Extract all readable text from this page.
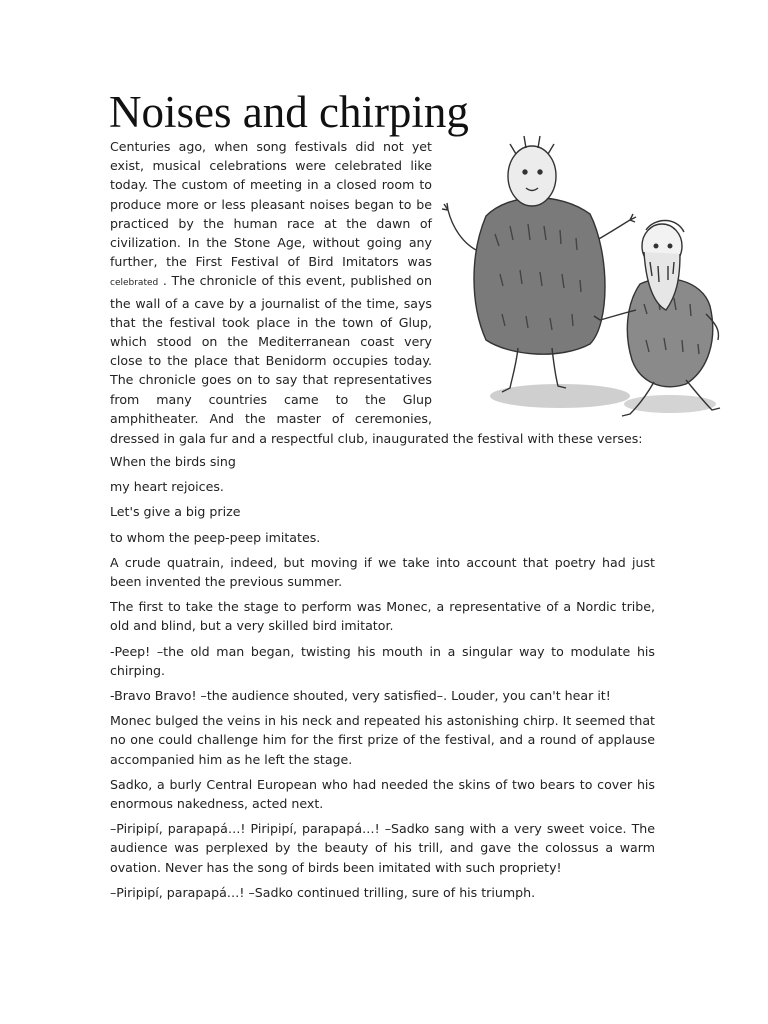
Noises and chirping

Centuries ago, when song festivals did not yet exist, musical celebrations were celebrated like today. The custom of meeting in a closed room to produce more or less pleasant noises began to be practiced by the human race at the dawn of civilization. In the Stone Age, without going any further, the First Festival of Bird Imitators was celebrated . The chronicle of this event, published on the wall of a cave by a journalist of the time, says that the festival took place in the town of Glup, which stood on the Mediterranean coast very close to the place that Benidorm occupies today. The chronicle goes on to say that representatives from many countries came to the Glup amphitheater. And the master of ceremonies,

dressed in gala fur and a respectful club, inaugurated the festival with these verses:

When the birds sing

my heart rejoices.

Let's give a big prize

to whom the peep-peep imitates.

A crude quatrain, indeed, but moving if we take into account that poetry had just been invented the previous summer.

The first to take the stage to perform was Monec, a representative of a Nordic tribe, old and blind, but a very skilled bird imitator.

-Peep! –the old man began, twisting his mouth in a singular way to modulate his chirping.

-Bravo Bravo! –the audience shouted, very satisfied–. Louder, you can't hear it!

Monec bulged the veins in his neck and repeated his astonishing chirp. It seemed that no one could challenge him for the first prize of the festival, and a round of applause accompanied him as he left the stage.

Sadko, a burly Central European who had needed the skins of two bears to cover his enormous nakedness, acted next.

–Piripipí, parapapá…! Piripipí, parapapá…! –Sadko sang with a very sweet voice. The audience was perplexed by the beauty of his trill, and gave the colossus a warm ovation. Never has the song of birds been imitated with such propriety!

–Piripipí, parapapá…! –Sadko continued trilling, sure of his triumph.
